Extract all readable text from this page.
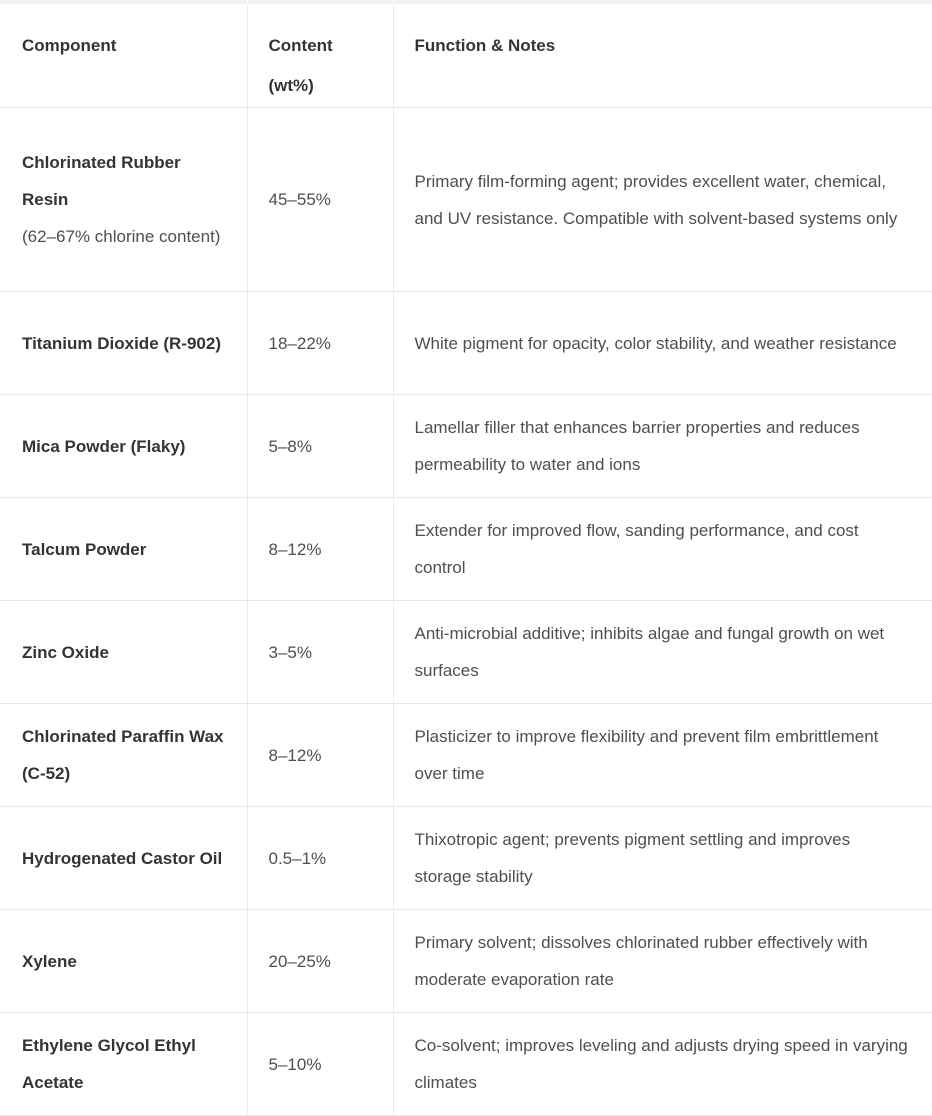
Component	Content (wt%)	Function & Notes

Chlorinated Rubber Resin
(62–67% chlorine content)	45–55%	Primary film-forming agent; provides excellent water, chemical, and UV resistance. Compatible with solvent-based systems only

Titanium Dioxide (R-902)	18–22%	White pigment for opacity, color stability, and weather resistance

Mica Powder (Flaky)	5–8%	Lamellar filler that enhances barrier properties and reduces permeability to water and ions

Talcum Powder	8–12%	Extender for improved flow, sanding performance, and cost control

Zinc Oxide	3–5%	Anti-microbial additive; inhibits algae and fungal growth on wet surfaces

Chlorinated Paraffin Wax (C-52)	8–12%	Plasticizer to improve flexibility and prevent film embrittlement over time

Hydrogenated Castor Oil	0.5–1%	Thixotropic agent; prevents pigment settling and improves storage stability

Xylene	20–25%	Primary solvent; dissolves chlorinated rubber effectively with moderate evaporation rate

Ethylene Glycol Ethyl Acetate	5–10%	Co-solvent; improves leveling and adjusts drying speed in varying climates
